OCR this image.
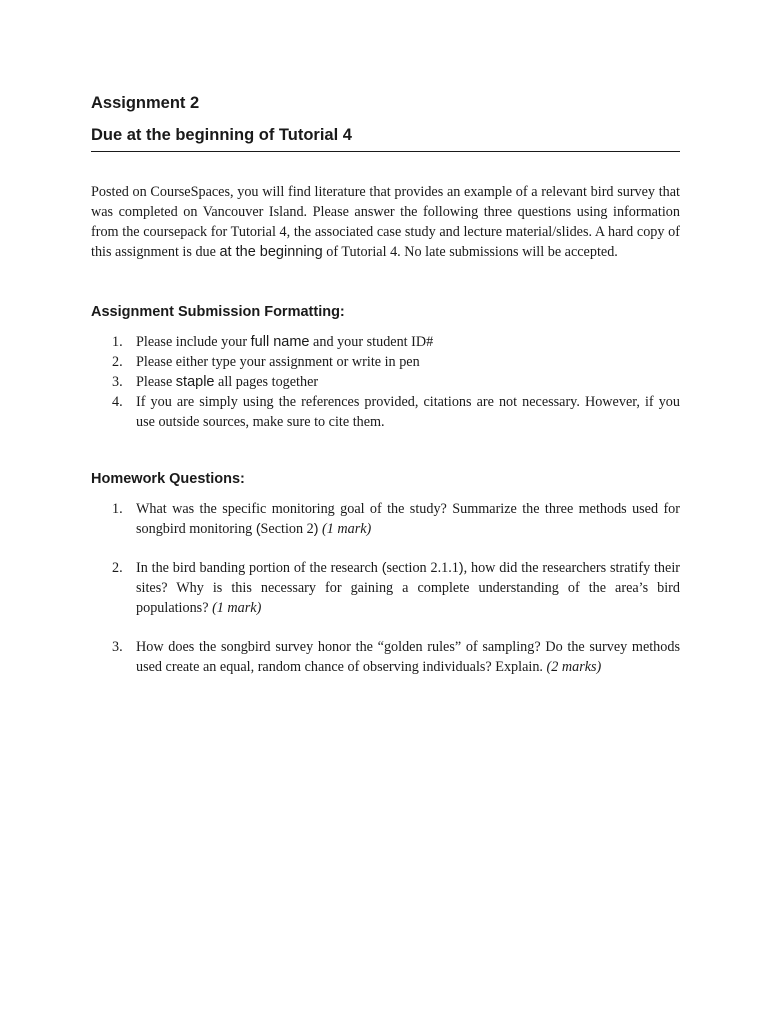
Assignment 2
Due at the beginning of Tutorial 4

Posted on CourseSpaces, you will find literature that provides an example of a relevant bird survey that was completed on Vancouver Island. Please answer the following three questions using information from the coursepack for Tutorial 4, the associated case study and lecture material/slides. A hard copy of this assignment is due at the beginning of Tutorial 4. No late submissions will be accepted.

Assignment Submission Formatting:
1. Please include your full name and your student ID#
2. Please either type your assignment or write in pen
3. Please staple all pages together
4. If you are simply using the references provided, citations are not necessary. However, if you use outside sources, make sure to cite them.
Homework Questions:
1. What was the specific monitoring goal of the study? Summarize the three methods used for songbird monitoring (Section 2) (1 mark)
2. In the bird banding portion of the research (section 2.1.1), how did the researchers stratify their sites? Why is this necessary for gaining a complete understanding of the area’s bird populations? (1 mark)
3. How does the songbird survey honor the “golden rules” of sampling? Do the survey methods used create an equal, random chance of observing individuals? Explain. (2 marks)
